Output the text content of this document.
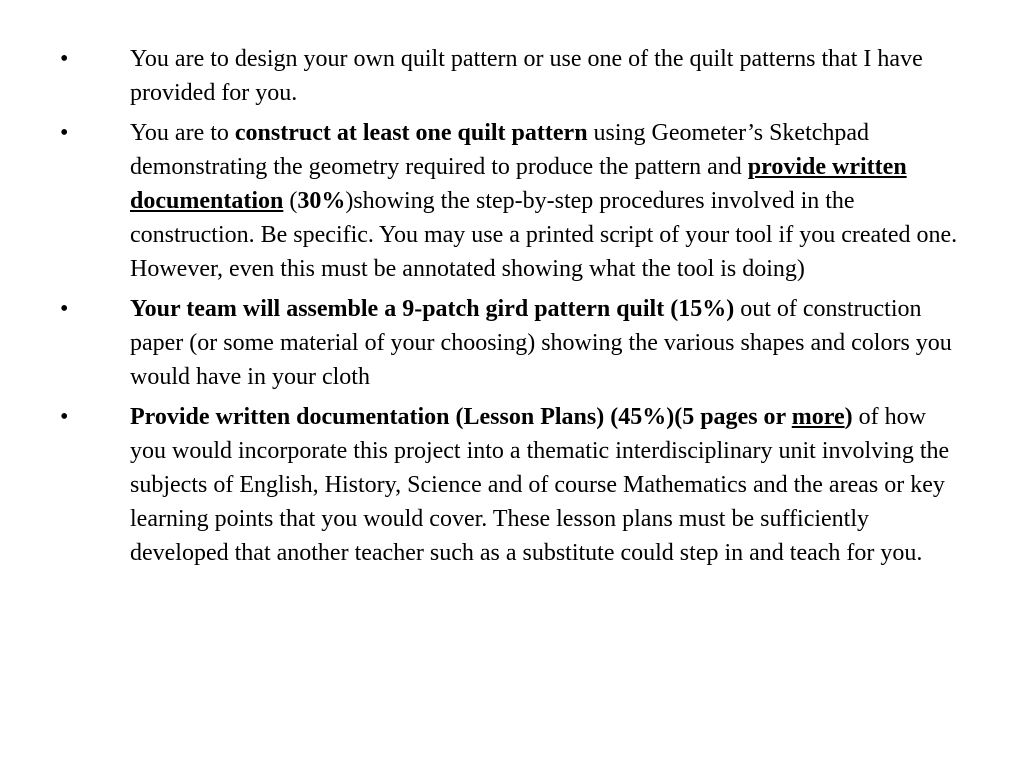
•	You are to design your own quilt pattern or use one of the quilt patterns that I have provided for you.
•	You are to construct at least one quilt pattern using Geometer’s Sketchpad demonstrating the geometry required to produce the pattern and provide written documentation (30%)showing the step-by-step procedures involved in the construction. Be specific. You may use a printed script of your tool if you created one. However, even this must be annotated showing what the tool is doing)
•	Your team will assemble a 9-patch gird pattern quilt (15%) out of construction paper (or some material of your choosing) showing the various shapes and colors you would have in your cloth
•	Provide written documentation (Lesson Plans) (45%)(5 pages or more) of how you would incorporate this project into a thematic interdisciplinary unit involving the subjects of English, History, Science and of course Mathematics and the areas or key learning points that you would cover. These lesson plans must be sufficiently developed that another teacher such as a substitute could step in and teach for you.
